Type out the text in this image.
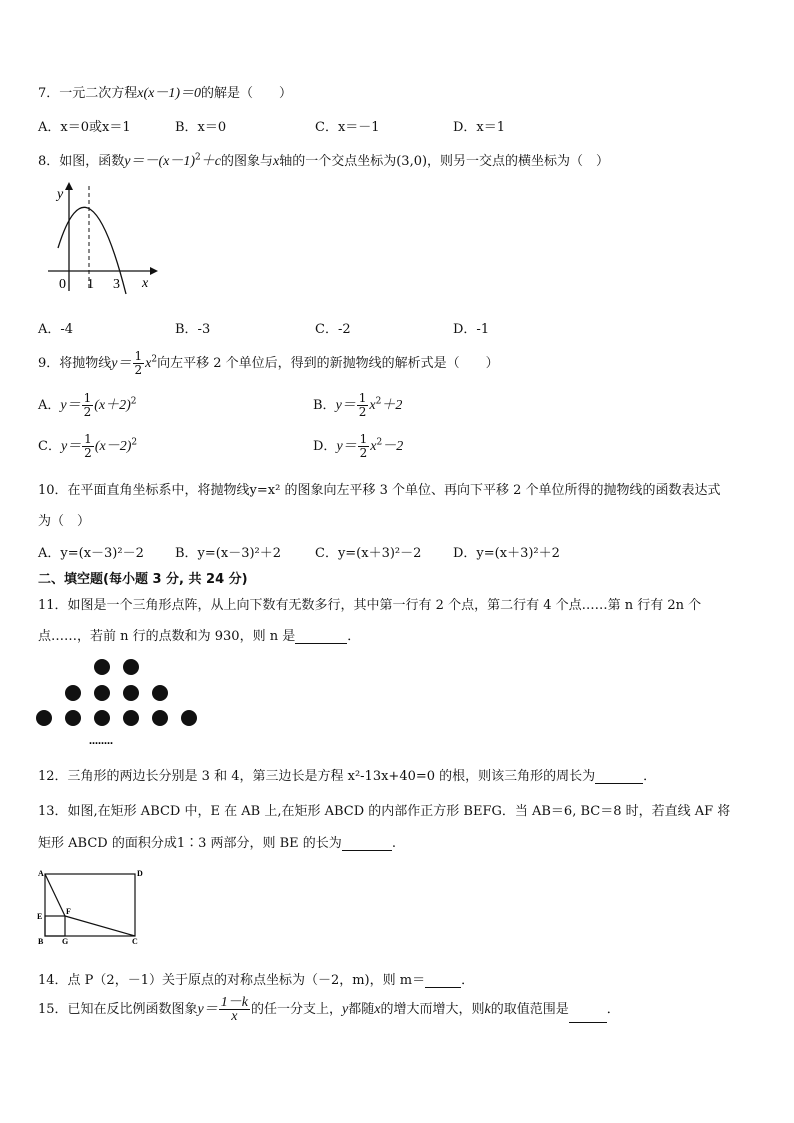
7．一元二次方程x(x－1)＝0的解是（　　）
A．x＝0或x＝1	B．x＝0	C．x＝－1	D．x＝1
8．如图，函数$y=-(x-1)^2+c$的图象与x轴的一个交点坐标为(3,0)，则另一交点的横坐标为（　）
y
x
0 1 3
A．-4	B．-3	C．-2	D．-1
9．将抛物线$y= \frac{1}{2} x^2$向左平移 2 个单位后，得到的新抛物线的解析式是（　　）
A．$y= \frac{1}{2} (x+2)^2$	B．$y= \frac{1}{2} x^2+2$
C．$y= \frac{1}{2} (x-2)^2$	D．$y= \frac{1}{2} x^2-2$
10．在平面直角坐标系中，将抛物线y=x² 的图象向左平移 3 个单位、再向下平移 2 个单位所得的抛物线的函数表达式
为（　）
A．y=(x－3)²－2 B．y=(x－3)²＋2	C．y=(x＋3)²－2 D．y=(x＋3)²＋2
二、填空题(每小题 3 分, 共 24 分)
11．如图是一个三角形点阵，从上向下数有无数多行，其中第一行有 2 个点，第二行有 4 个点……第 n 行有 2n 个
点……，若前 n 行的点数和为 930，则 n 是	．
........
12．三角形的两边长分别是 3 和 4，第三边长是方程 x²-13x+40=0 的根，则该三角形的周长为	．
13．如图,在矩形 ABCD 中，E 在 AB 上,在矩形 ABCD 的内部作正方形 BEFG．当 AB＝6, BC＝8 时，若直线 AF 将
矩形 ABCD 的面积分成1∶3 两部分，则 BE 的长为	.
A	D
E
F
B G	C
14．点 P（2，－1）关于原点的对称点坐标为（－2，m)，则 m＝	．
15．已知在反比例函数图象$y= \frac{1-k}{x}$ 的任一分支上，y都随x的增大而增大，则k的取值范围是	．
